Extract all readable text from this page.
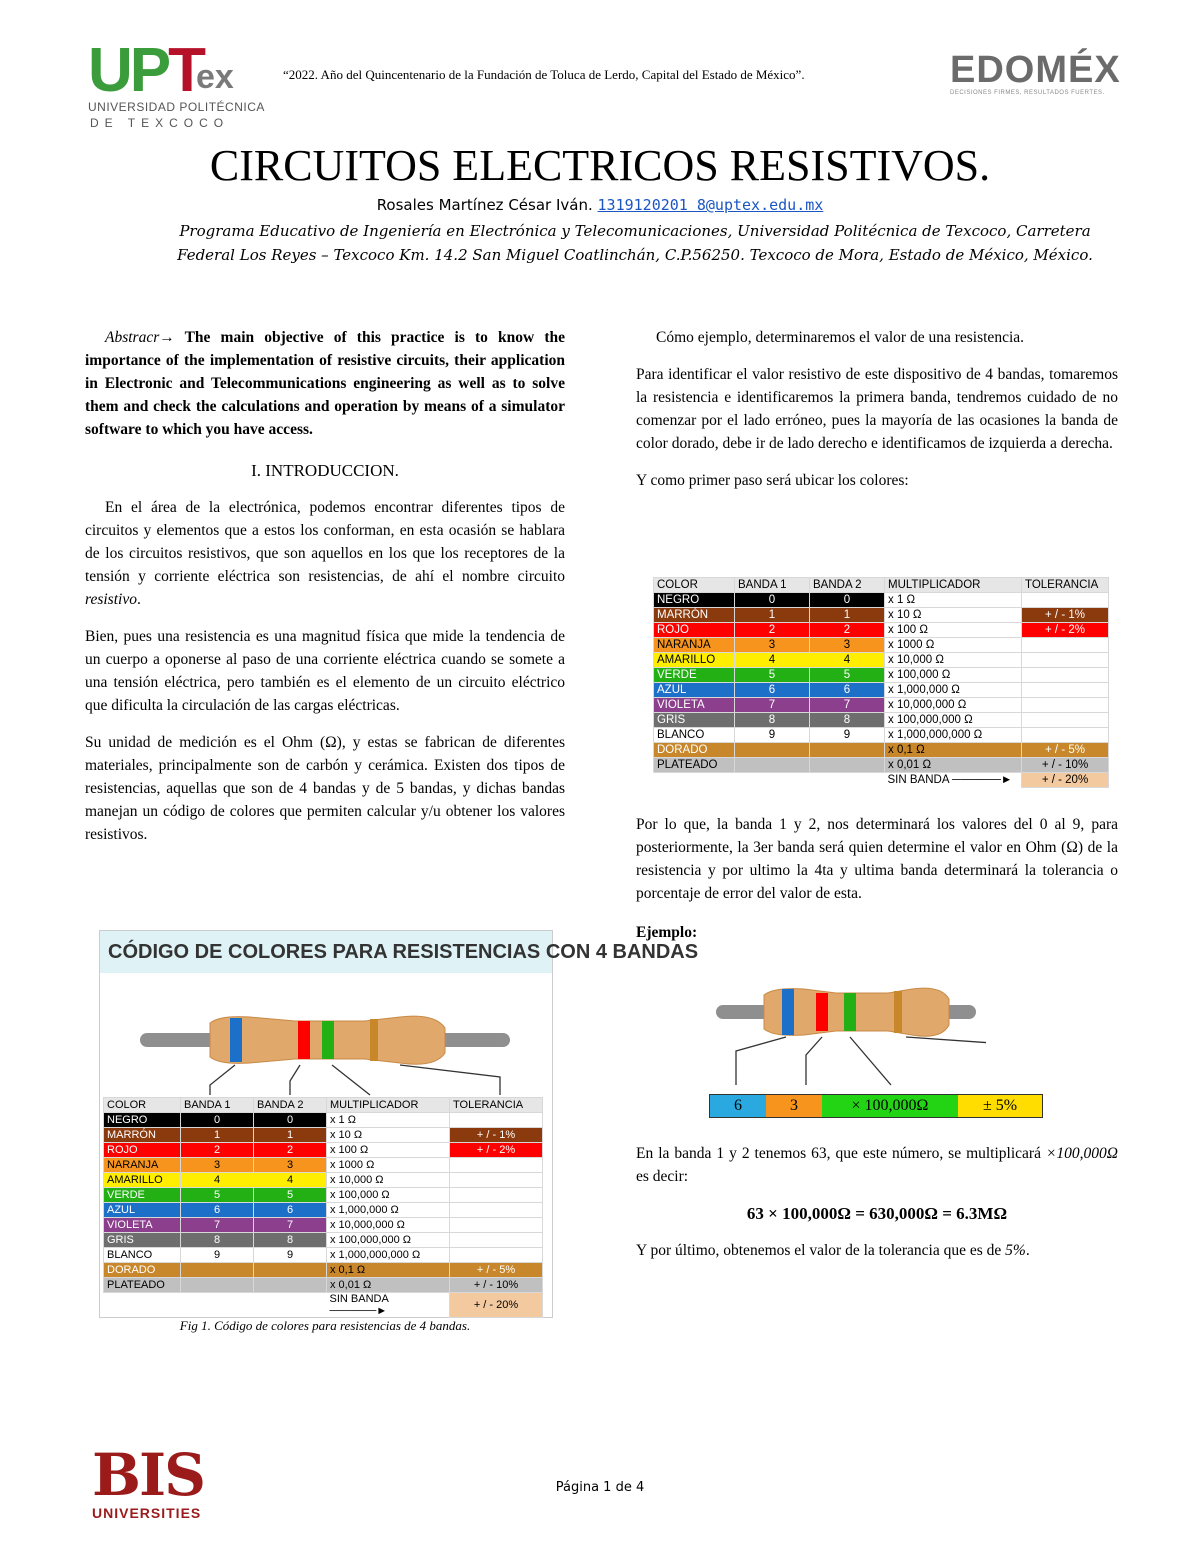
UPT
ex
UNIVERSIDAD POLITÉCNICA
DE TEXCOCO
“2022. Año del Quincentenario de la Fundación de Toluca de Lerdo, Capital del Estado de México”.	EDOMÉX
DECISIONES FIRMES, RESULTADOS FUERTES.
CIRCUITOS ELECTRICOS RESISTIVOS.
Rosales Martínez César Iván. 1319120201 8@uptex.edu.mx
Programa Educativo de Ingeniería en Electrónica y Telecomunicaciones, Universidad Politécnica de Texcoco, Carretera Federal Los Reyes – Texcoco Km. 14.2 San Miguel Coatlinchán, C.P.56250. Texcoco de Mora, Estado de México, México.

Abstracr→ The main objective of this practice is to know the importance of the implementation of resistive circuits, their application in Electronic and Telecommunications engineering as well as to solve them and check the calculations and operation by means of a simulator software to which you have access.

I. INTRODUCCION.

En el área de la electrónica, podemos encontrar diferentes tipos de circuitos y elementos que a estos los conforman, en esta ocasión se hablara de los circuitos resistivos, que son aquellos en los que los receptores de la tensión y corriente eléctrica son resistencias, de ahí el nombre circuito resistivo.

Bien, pues una resistencia es una magnitud física que mide la tendencia de un cuerpo a oponerse al paso de una corriente eléctrica cuando se somete a una tensión eléctrica, pero también es el elemento de un circuito eléctrico que dificulta la circulación de las cargas eléctricas.

Su unidad de medición es el Ohm (Ω), y estas se fabrican de diferentes materiales, principalmente son de carbón y cerámica. Existen dos tipos de resistencias, aquellas que son de 4 bandas y de 5 bandas, y dichas bandas manejan un código de colores que permiten calcular y/u obtener los valores resistivos.

CÓDIGO DE COLORES PARA RESISTENCIAS CON 4 BANDAS
COLOR	BANDA 1	BANDA 2	MULTIPLICADOR	TOLERANCIA
NEGRO	0	0	x 1 Ω	
MARRÓN	1	1	x 10 Ω	+ / - 1%
ROJO	2	2	x 100 Ω	+ / - 2%
NARANJA	3	3	x 1000 Ω	
AMARILLO	4	4	x 10,000 Ω	
VERDE	5	5	x 100,000 Ω	
AZUL	6	6	x 1,000,000 Ω	
VIOLETA	7	7	x 10,000,000 Ω	
GRIS	8	8	x 100,000,000 Ω	
BLANCO	9	9	x 1,000,000,000 Ω	
DORADO			x 0,1 Ω	+ / - 5%
PLATEADO			x 0,01 Ω	+ / - 10%
			SIN BANDA ──────►	+ / - 20%
Fig 1. Código de colores para resistencias de 4 bandas.

Cómo ejemplo, determinaremos el valor de una resistencia.

Para identificar el valor resistivo de este dispositivo de 4 bandas, tomaremos la resistencia e identificaremos la primera banda, tendremos cuidado de no comenzar por el lado erróneo, pues la mayoría de las ocasiones la banda de color dorado, debe ir de lado derecho e identificamos de izquierda a derecha.

Y como primer paso será ubicar los colores:

COLOR	BANDA 1	BANDA 2	MULTIPLICADOR	TOLERANCIA
NEGRO	0	0	x 1 Ω	
MARRÓN	1	1	x 10 Ω	+ / - 1%
ROJO	2	2	x 100 Ω	+ / - 2%
NARANJA	3	3	x 1000 Ω	
AMARILLO	4	4	x 10,000 Ω	
VERDE	5	5	x 100,000 Ω	
AZUL	6	6	x 1,000,000 Ω	
VIOLETA	7	7	x 10,000,000 Ω	
GRIS	8	8	x 100,000,000 Ω	
BLANCO	9	9	x 1,000,000,000 Ω	
DORADO			x 0,1 Ω	+ / - 5%
PLATEADO			x 0,01 Ω	+ / - 10%
			SIN BANDA ──────►	+ / - 20%

Por lo que, la banda 1 y 2, nos determinará los valores del 0 al 9, para posteriormente, la 3er banda será quien determine el valor en Ohm (Ω) de la resistencia y por ultimo la 4ta y ultima banda determinará la tolerancia o porcentaje de error del valor de esta.

Ejemplo:

6	3	× 100,000Ω	± 5%

En la banda 1 y 2 tenemos 63, que este número, se multiplicará ×100,000Ω es decir:

63 × 100,000Ω = 630,000Ω = 6.3MΩ

Y por último, obtenemos el valor de la tolerancia que es de 5%.

BIS
UNIVERSITIES
Página 1 de 4
